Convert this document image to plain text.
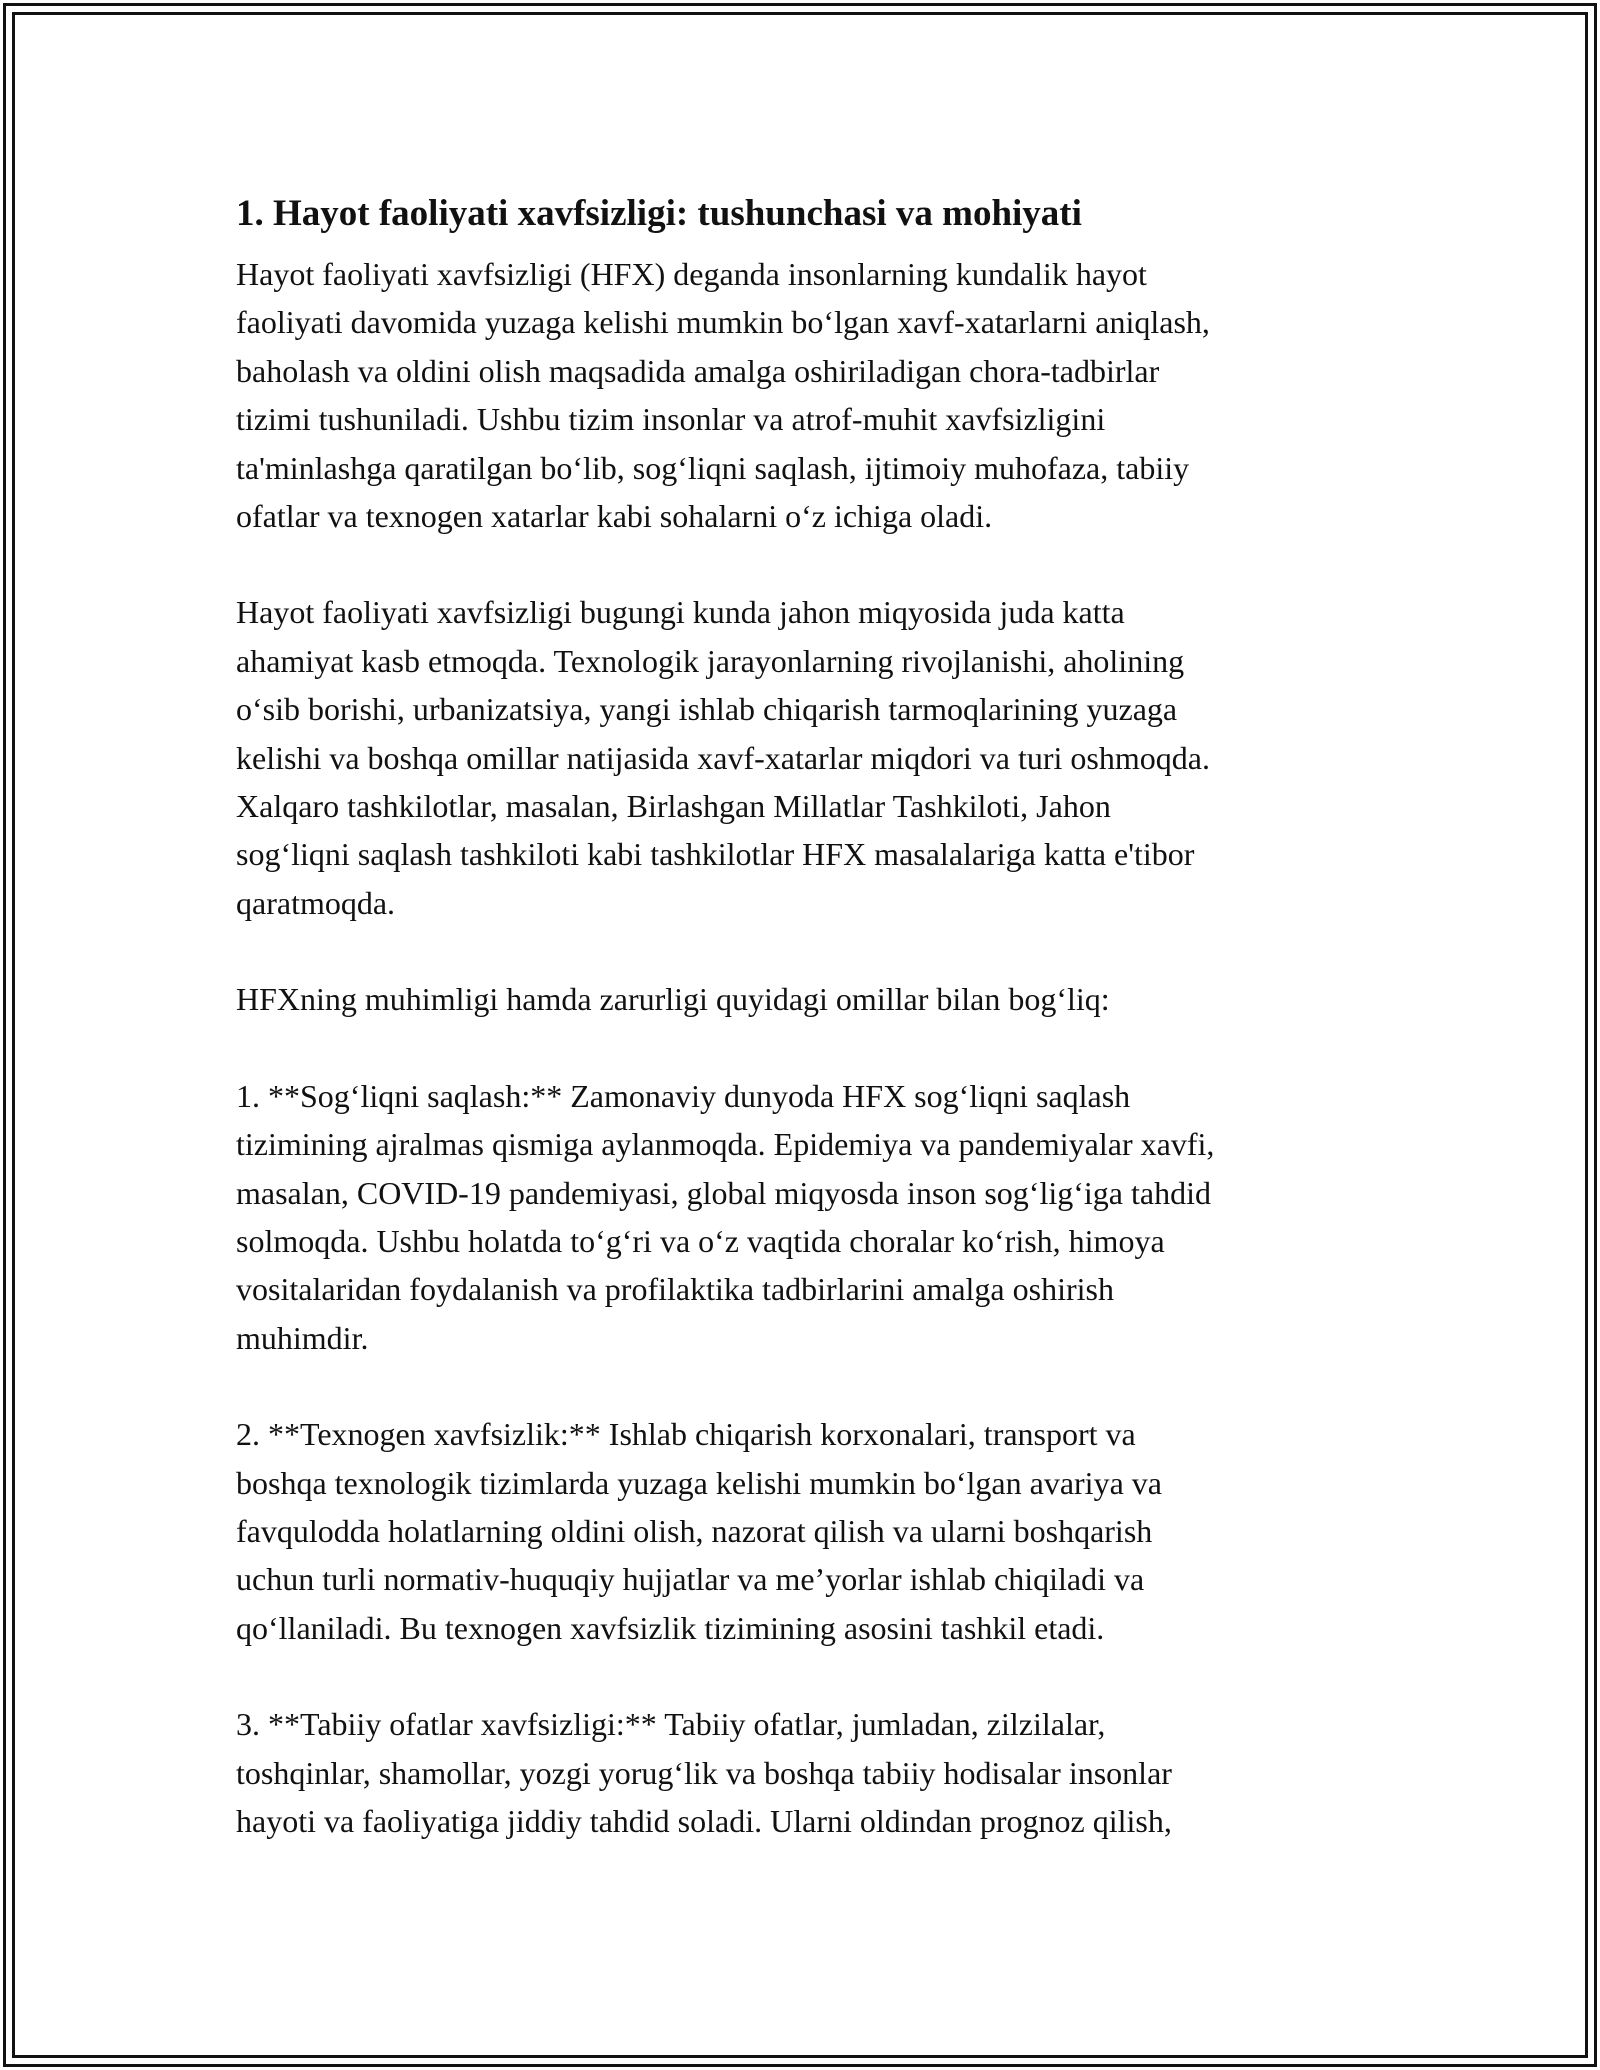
1. Hayot faoliyati xavfsizligi: tushunchasi va mohiyati

Hayot faoliyati xavfsizligi (HFX) deganda insonlarning kundalik hayot
faoliyati davomida yuzaga kelishi mumkin bo‘lgan xavf-xatarlarni aniqlash,
baholash va oldini olish maqsadida amalga oshiriladigan chora-tadbirlar
tizimi tushuniladi. Ushbu tizim insonlar va atrof-muhit xavfsizligini
ta'minlashga qaratilgan bo‘lib, sog‘liqni saqlash, ijtimoiy muhofaza, tabiiy
ofatlar va texnogen xatarlar kabi sohalarni o‘z ichiga oladi.

Hayot faoliyati xavfsizligi bugungi kunda jahon miqyosida juda katta
ahamiyat kasb etmoqda. Texnologik jarayonlarning rivojlanishi, aholining
o‘sib borishi, urbanizatsiya, yangi ishlab chiqarish tarmoqlarining yuzaga
kelishi va boshqa omillar natijasida xavf-xatarlar miqdori va turi oshmoqda.
Xalqaro tashkilotlar, masalan, Birlashgan Millatlar Tashkiloti, Jahon
sog‘liqni saqlash tashkiloti kabi tashkilotlar HFX masalalariga katta e'tibor
qaratmoqda.

HFXning muhimligi hamda zarurligi quyidagi omillar bilan bog‘liq:

1. **Sog‘liqni saqlash:** Zamonaviy dunyoda HFX sog‘liqni saqlash
tizimining ajralmas qismiga aylanmoqda. Epidemiya va pandemiyalar xavfi,
masalan, COVID-19 pandemiyasi, global miqyosda inson sog‘lig‘iga tahdid
solmoqda. Ushbu holatda to‘g‘ri va o‘z vaqtida choralar ko‘rish, himoya
vositalaridan foydalanish va profilaktika tadbirlarini amalga oshirish
muhimdir.

2. **Texnogen xavfsizlik:** Ishlab chiqarish korxonalari, transport va
boshqa texnologik tizimlarda yuzaga kelishi mumkin bo‘lgan avariya va
favqulodda holatlarning oldini olish, nazorat qilish va ularni boshqarish
uchun turli normativ-huquqiy hujjatlar va me’yorlar ishlab chiqiladi va
qo‘llaniladi. Bu texnogen xavfsizlik tizimining asosini tashkil etadi.

3. **Tabiiy ofatlar xavfsizligi:** Tabiiy ofatlar, jumladan, zilzilalar,
toshqinlar, shamollar, yozgi yorug‘lik va boshqa tabiiy hodisalar insonlar
hayoti va faoliyatiga jiddiy tahdid soladi. Ularni oldindan prognoz qilish,
